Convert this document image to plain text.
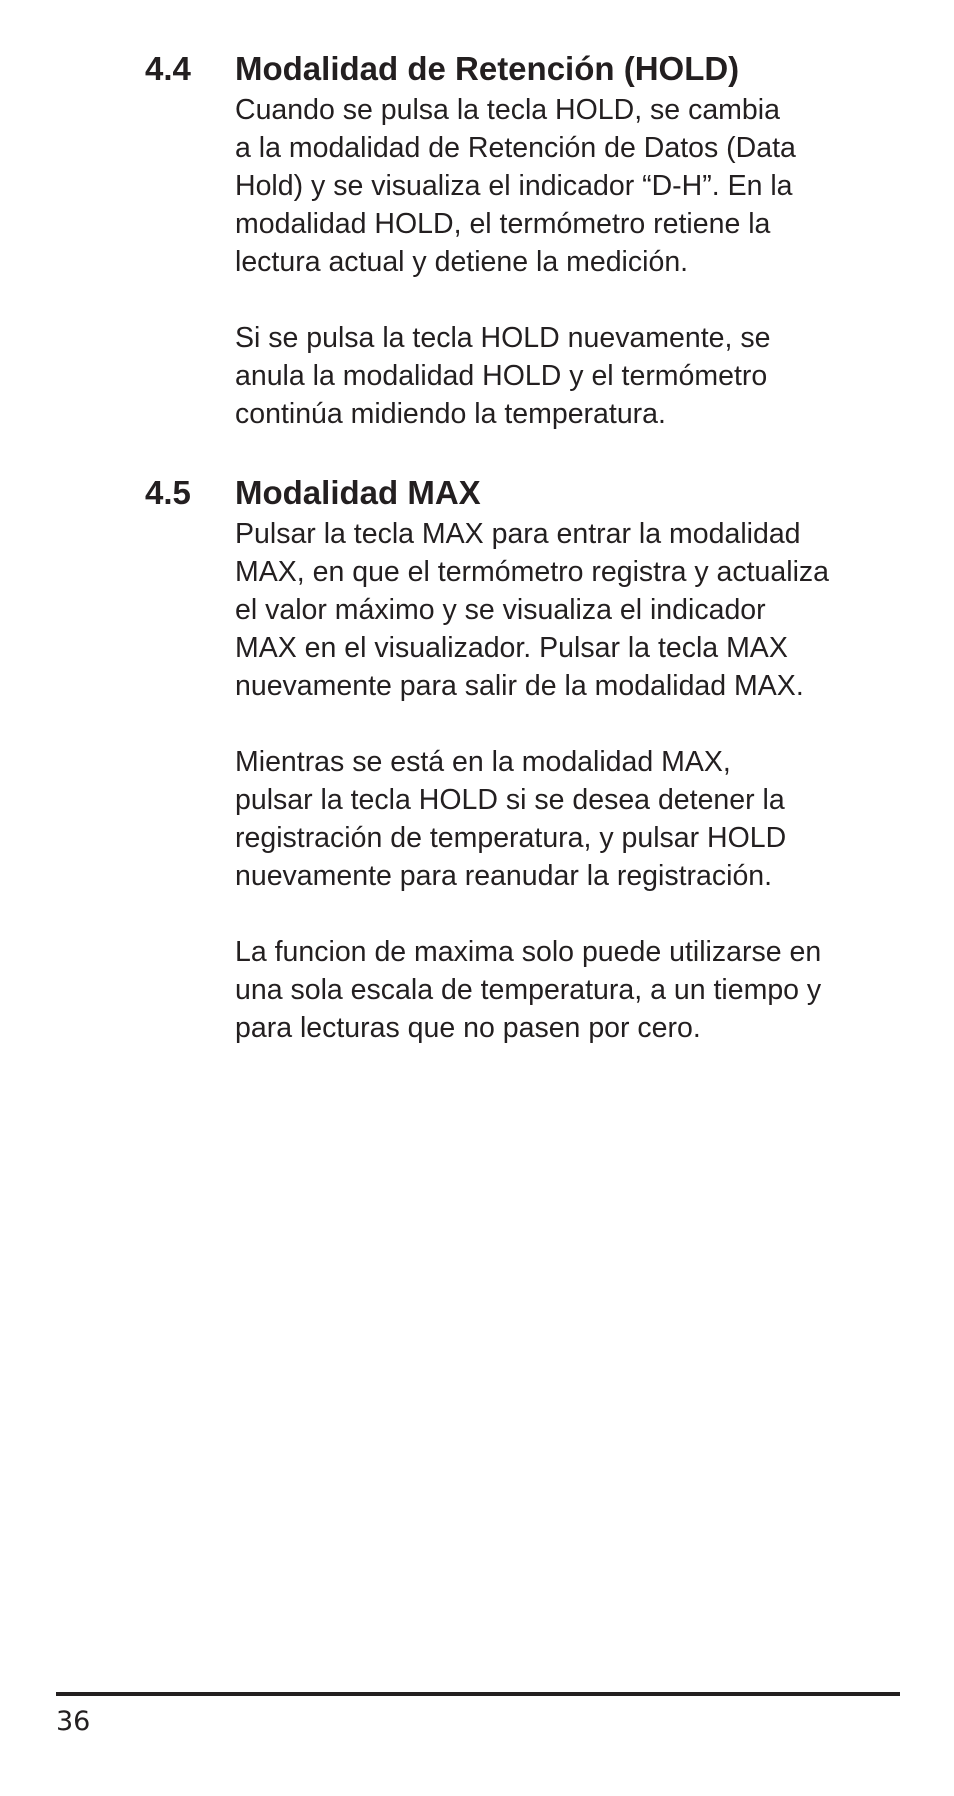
4.4 Modalidad de Retención (HOLD)

Cuando se pulsa la tecla HOLD, se cambia
a la modalidad de Retención de Datos (Data
Hold) y se visualiza el indicador “D-H”. En la
modalidad HOLD, el termómetro retiene la
lectura actual y detiene la medición.

Si se pulsa la tecla HOLD nuevamente, se
anula la modalidad HOLD y el termómetro
continúa midiendo la temperatura.

4.5 Modalidad MAX

Pulsar la tecla MAX para entrar la modalidad
MAX, en que el termómetro registra y actualiza
el valor máximo y se visualiza el indicador
MAX en el visualizador. Pulsar la tecla MAX
nuevamente para salir de la modalidad MAX.

Mientras se está en la modalidad MAX,
pulsar la tecla HOLD si se desea detener la
registración de temperatura, y pulsar HOLD
nuevamente para reanudar la registración.

La funcion de maxima solo puede utilizarse en
una sola escala de temperatura, a un tiempo y
para lecturas que no pasen por cero.

36
